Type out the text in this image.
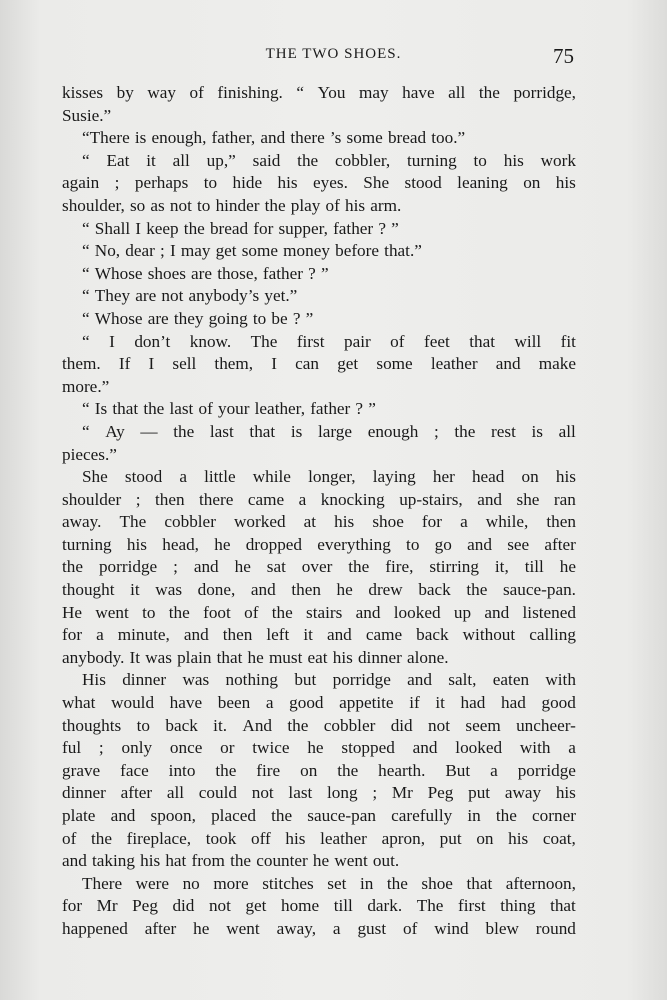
THE TWO SHOES.	75
kisses by way of finishing. “ You may have all the porridge,
Susie.”
“There is enough, father, and there ’s some bread too.”
“ Eat it all up,” said the cobbler, turning to his work
again ; perhaps to hide his eyes. She stood leaning on his
shoulder, so as not to hinder the play of his arm.
“ Shall I keep the bread for supper, father ? ”
“ No, dear ; I may get some money before that.”
“ Whose shoes are those, father ? ”
“ They are not anybody’s yet.”
“ Whose are they going to be ? ”
“ I don’t know. The first pair of feet that will fit
them. If I sell them, I can get some leather and make
more.”
“ Is that the last of your leather, father ? ”
“ Ay — the last that is large enough ; the rest is all
pieces.”
She stood a little while longer, laying her head on his
shoulder ; then there came a knocking up-stairs, and she ran
away. The cobbler worked at his shoe for a while, then
turning his head, he dropped everything to go and see after
the porridge ; and he sat over the fire, stirring it, till he
thought it was done, and then he drew back the sauce-pan.
He went to the foot of the stairs and looked up and listened
for a minute, and then left it and came back without calling
anybody. It was plain that he must eat his dinner alone.
His dinner was nothing but porridge and salt, eaten with
what would have been a good appetite if it had had good
thoughts to back it. And the cobbler did not seem uncheer-
ful ; only once or twice he stopped and looked with a
grave face into the fire on the hearth. But a porridge
dinner after all could not last long ; Mr Peg put away his
plate and spoon, placed the sauce-pan carefully in the corner
of the fireplace, took off his leather apron, put on his coat,
and taking his hat from the counter he went out.
There were no more stitches set in the shoe that afternoon,
for Mr Peg did not get home till dark. The first thing that
happened after he went away, a gust of wind blew round
